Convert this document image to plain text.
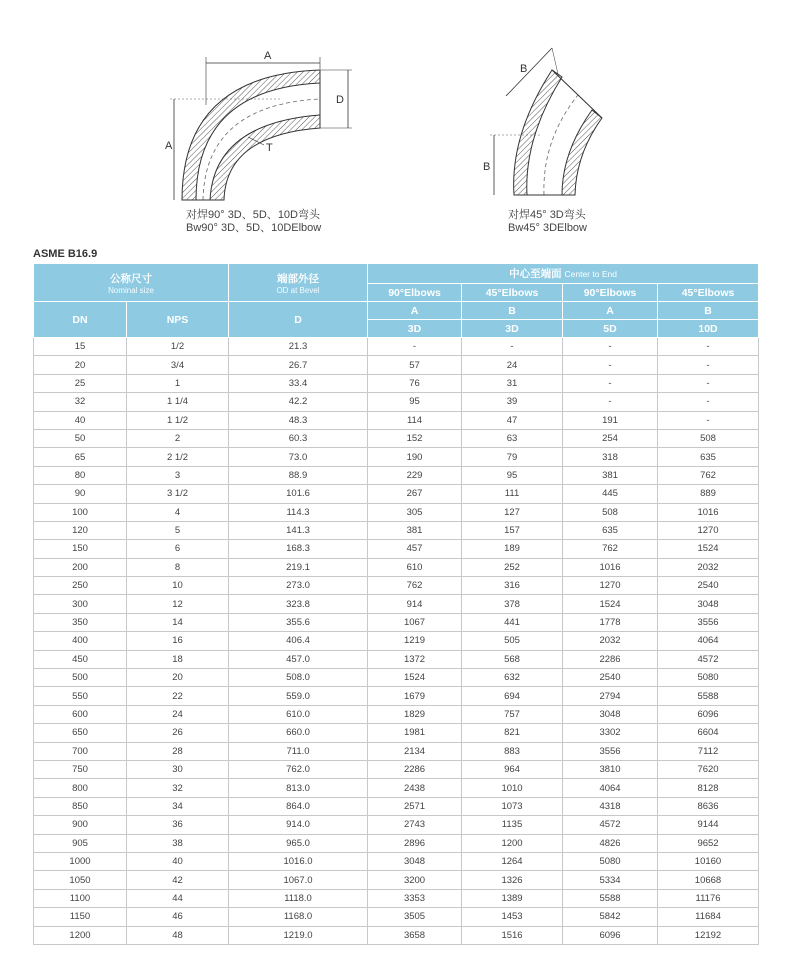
A
A
D
T
对焊90° 3D、5D、10D弯头
Bw90° 3D、5D、10DElbow
B
B
对焊45° 3D弯头
Bw45° 3DElbow
ASME B16.9
公称尺寸
Nominal size		端部外径
OD at Bevel	中心至端面 Center to End			
			90°Elbows	45°Elbows	90°Elbows	45°Elbows
DN	NPS	D	A	B	A	B
			3D	3D	5D	10D
15	1/2	21.3	-	-	-	-
20	3/4	26.7	57	24	-	-
25	1	33.4	76	31	-	-
32	1 1/4	42.2	95	39	-	-
40	1 1/2	48.3	114	47	191	-
50	2	60.3	152	63	254	508
65	2 1/2	73.0	190	79	318	635
80	3	88.9	229	95	381	762
90	3 1/2	101.6	267	111	445	889
100	4	114.3	305	127	508	1016
120	5	141.3	381	157	635	1270
150	6	168.3	457	189	762	1524
200	8	219.1	610	252	1016	2032
250	10	273.0	762	316	1270	2540
300	12	323.8	914	378	1524	3048
350	14	355.6	1067	441	1778	3556
400	16	406.4	1219	505	2032	4064
450	18	457.0	1372	568	2286	4572
500	20	508.0	1524	632	2540	5080
550	22	559.0	1679	694	2794	5588
600	24	610.0	1829	757	3048	6096
650	26	660.0	1981	821	3302	6604
700	28	711.0	2134	883	3556	7112
750	30	762.0	2286	964	3810	7620
800	32	813.0	2438	1010	4064	8128
850	34	864.0	2571	1073	4318	8636
900	36	914.0	2743	1135	4572	9144
905	38	965.0	2896	1200	4826	9652
1000	40	1016.0	3048	1264	5080	10160
1050	42	1067.0	3200	1326	5334	10668
1100	44	1118.0	3353	1389	5588	11176
1150	46	1168.0	3505	1453	5842	11684
1200	48	1219.0	3658	1516	6096	12192
